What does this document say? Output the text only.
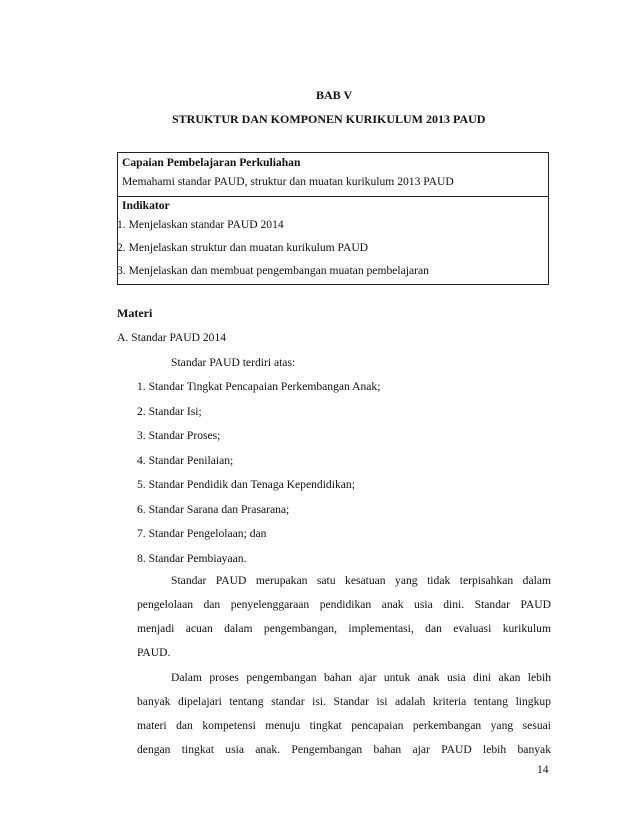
BAB V
STRUKTUR DAN KOMPONEN KURIKULUM 2013 PAUD
Capaian Pembelajaran Perkuliahan
Memahami standar PAUD, struktur dan muatan kurikulum 2013 PAUD
Indikator
1. Menjelaskan standar PAUD 2014
2. Menjelaskan struktur dan muatan kurikulum PAUD
3. Menjelaskan dan membuat pengembangan muatan pembelajaran
Materi
A. Standar PAUD 2014
Standar PAUD terdiri atas:
1. Standar Tingkat Pencapaian Perkembangan Anak;
2. Standar Isi;
3. Standar Proses;
4. Standar Penilaian;
5. Standar Pendidik dan Tenaga Kependidikan;
6. Standar Sarana dan Prasarana;
7. Standar Pengelolaan; dan
8. Standar Pembiayaan.
Standar PAUD merupakan satu kesatuan yang tidak terpisahkan dalam
pengelolaan dan penyelenggaraan pendidikan anak usia dini. Standar PAUD
menjadi acuan dalam pengembangan, implementasi, dan evaluasi kurikulum
PAUD.
Dalam proses pengembangan bahan ajar untuk anak usia dini akan lebih
banyak dipelajari tentang standar isi. Standar isi adalah kriteria tentang lingkup
materi dan kompetensi menuju tingkat pencapaian perkembangan yang sesuai
dengan tingkat usia anak. Pengembangan bahan ajar PAUD lebih banyak
14
